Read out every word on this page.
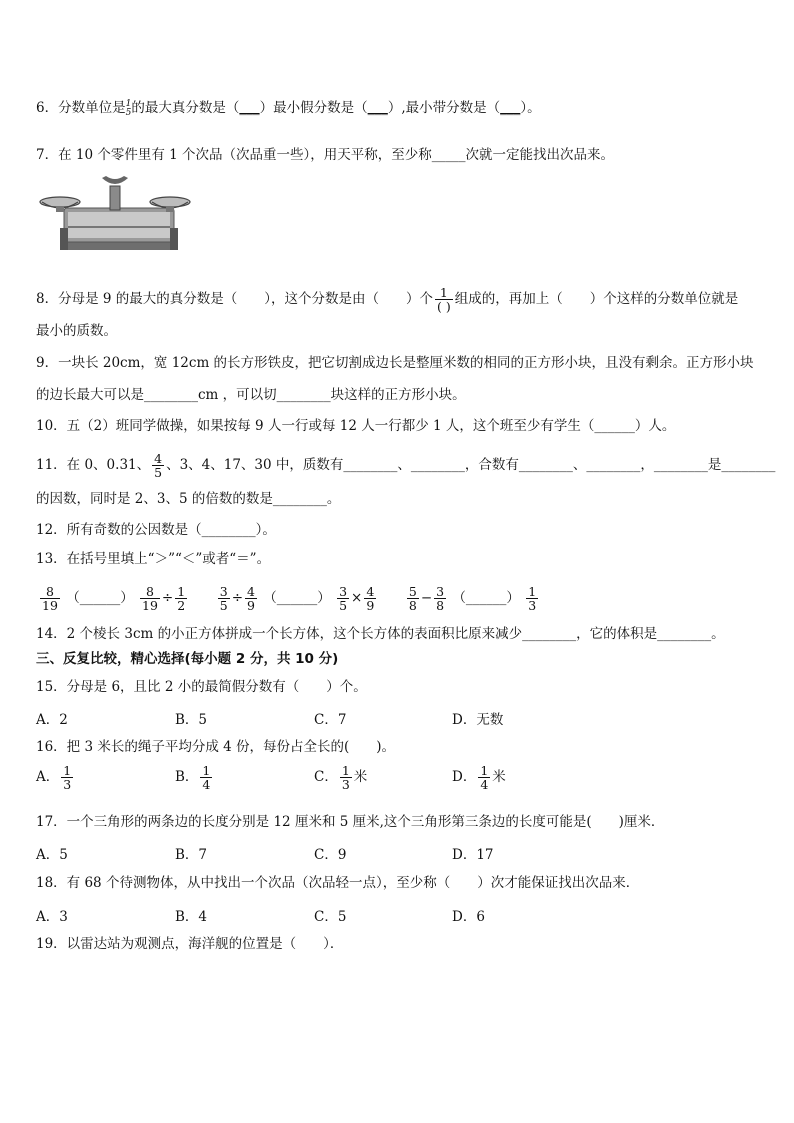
6．分数单位是 1
5 的最大真分数是（___）最小假分数是（___）,最小带分数是（___）。
7．在 10 个零件里有 1 个次品（次品重一些），用天平称，至少称_____次就一定能找出次品来。
8．分母是 9 的最大的真分数是（　　），这个分数是由（　　）个 $\frac{1}{( )}$ 组成的，再加上（　　）个这样的分数单位就是
最小的质数。
9．一块长 20cm，宽 12cm 的长方形铁皮，把它切割成边长是整厘米数的相同的正方形小块，且没有剩余。正方形小块
的边长最大可以是________cm ，可以切________块这样的正方形小块。
10．五（2）班同学做操，如果按每 9 人一行或每 12 人一行都少 1 人，这个班至少有学生（______）人。
11．在 0、0.31、 $\frac{4}{5}$ 、3、4、17、30 中，质数有________、________，合数有________、________，________是________
的因数，同时是 2、3、5 的倍数的数是________。
12．所有奇数的公因数是（________）。
13．在括号里填上“＞”“＜”或者“＝”。
$\frac{8}{19}$ （______） $\frac{8}{19} \div \frac{1}{2}$
$\frac{3}{5} \div \frac{4}{9}$ （______） $\frac{3}{5} \times \frac{4}{9}$
$\frac{5}{8} - \frac{3}{8}$ （______） $\frac{1}{3}$
14．2 个棱长 3cm 的小正方体拼成一个长方体，这个长方体的表面积比原来减少________，它的体积是________。
三、反复比较，精心选择(每小题 2 分，共 10 分)
15．分母是 6，且比 2 小的最简假分数有（　　）个。
A．2	B．5	C．7	D．无数
16．把 3 米长的绳子平均分成 4 份，每份占全长的(　　)。
A． $\frac{1}{3}$	B． $\frac{1}{4}$	C． $\frac{1}{3}$ 米	D． $\frac{1}{4}$ 米
17．一个三角形的两条边的长度分别是 12 厘米和 5 厘米,这个三角形第三条边的长度可能是(　　)厘米．
A．5	B．7	C．9	D．17
18．有 68 个待测物体，从中找出一个次品（次品轻一点），至少称（　　）次才能保证找出次品来．
A．3	B．4	C．5	D．6
19．以雷达站为观测点，海洋舰的位置是（　　）．
